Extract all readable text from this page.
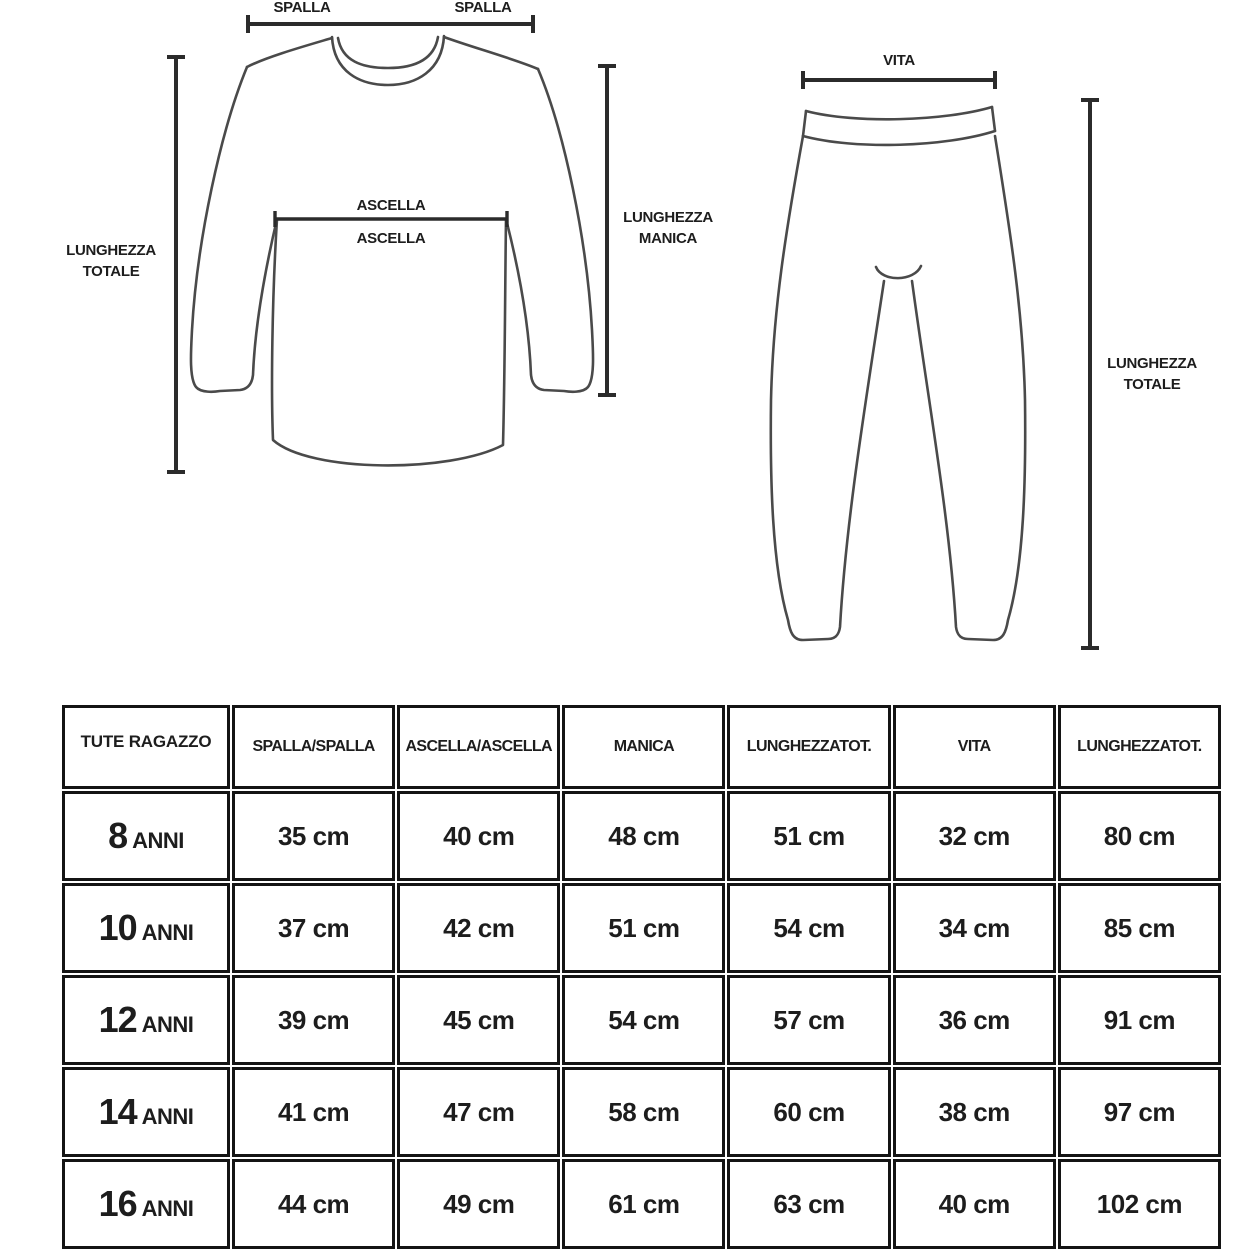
SPALLA	SPALLA
LUNGHEZZA
TOTALE
ASCELLA
ASCELLA
LUNGHEZZA
MANICA
VITA
LUNGHEZZA
TOTALE
TUTE RAGAZZO	SPALLA/SPALLA	ASCELLA/ASCELLA	MANICA	LUNGHEZZA TOT.	VITA	LUNGHEZZA TOT.
8 ANNI	35 cm	40 cm	48 cm	51 cm	32 cm	80 cm
10 ANNI	37 cm	42 cm	51 cm	54 cm	34 cm	85 cm
12 ANNI	39 cm	45 cm	54 cm	57 cm	36 cm	91 cm
14 ANNI	41 cm	47 cm	58 cm	60 cm	38 cm	97 cm
16 ANNI	44 cm	49 cm	61 cm	63 cm	40 cm	102 cm
